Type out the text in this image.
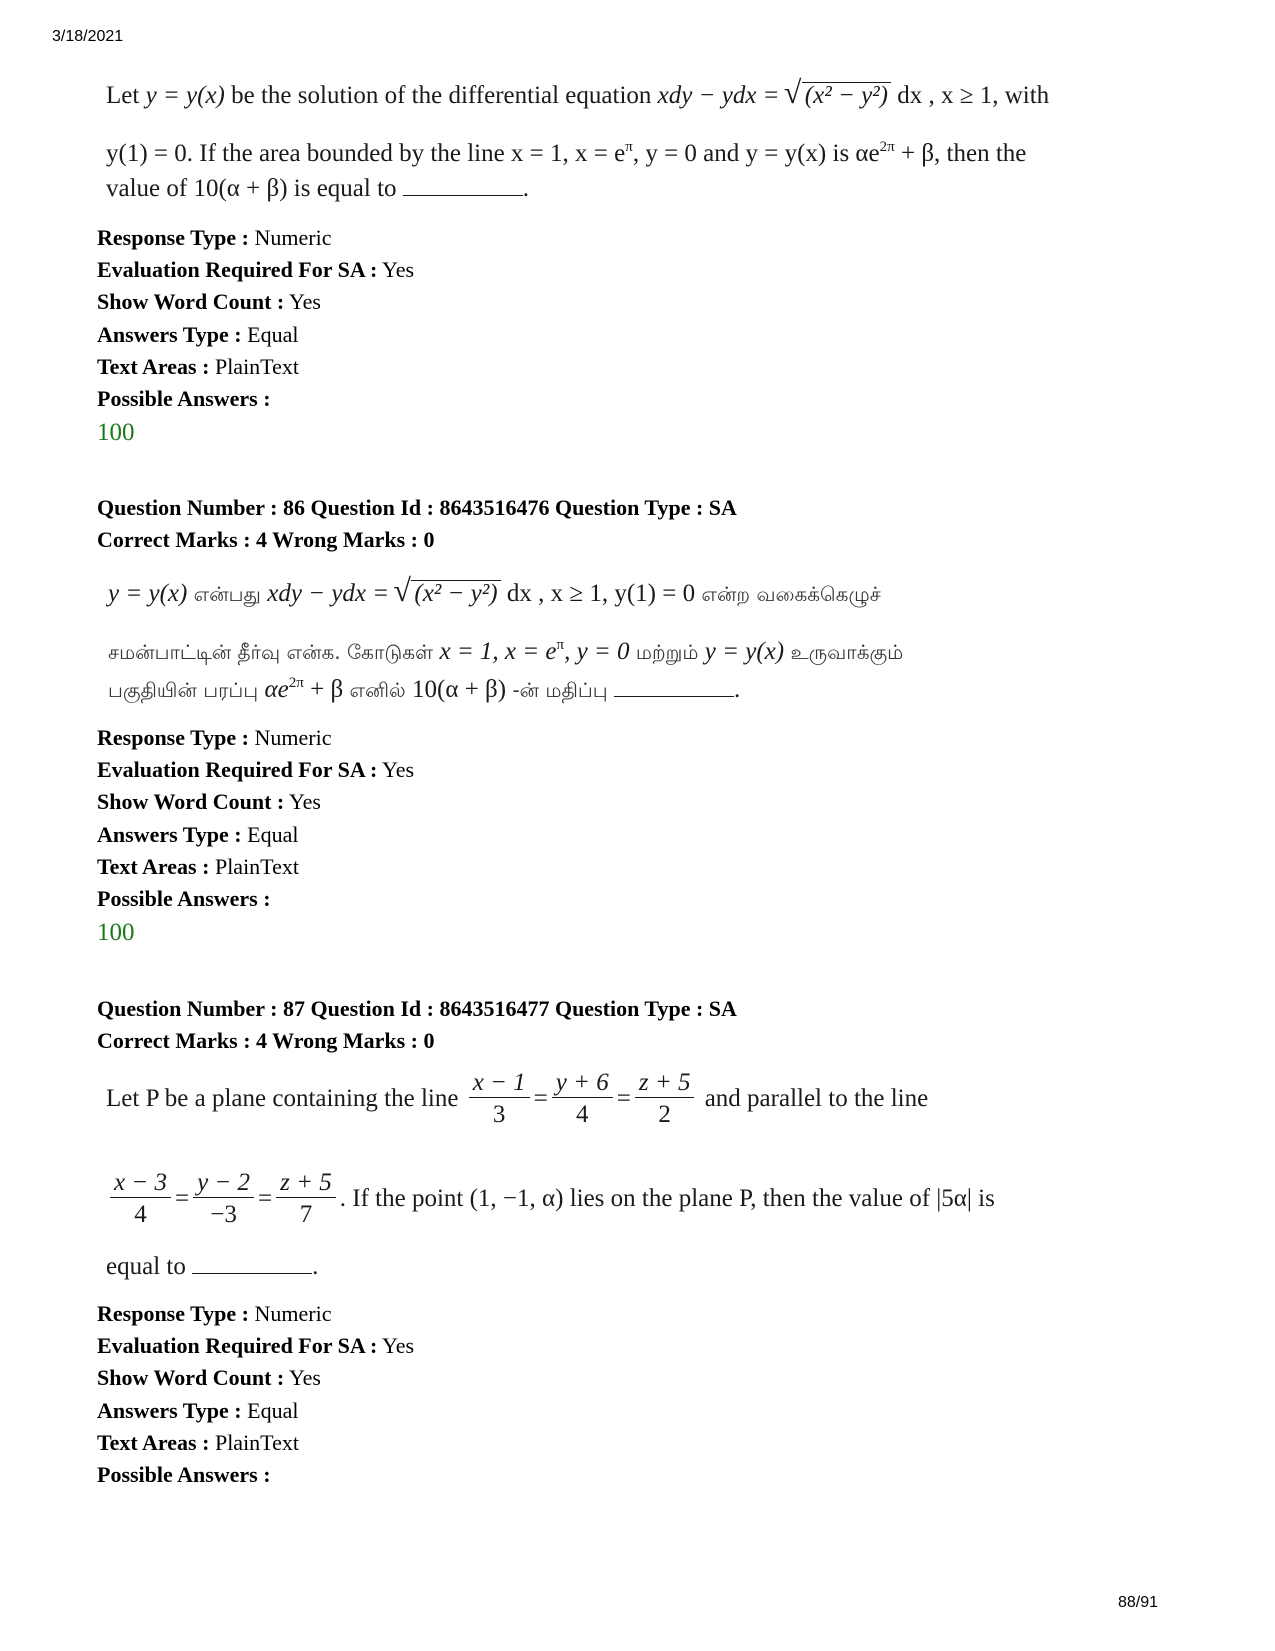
3/18/2021
Let y = y(x) be the solution of the differential equation xdy − ydx = √ (x² − y²) dx , x ≥ 1, with
y(1) = 0. If the area bounded by the line x = 1, $x = e^\pi$, y = 0 and y = y(x) is $\alpha e^{2\pi} + \beta$, then the
value of 10(α + β) is equal to	.
Response Type : Numeric
Evaluation Required For SA : Yes
Show Word Count : Yes
Answers Type : Equal
Text Areas : PlainText
Possible Answers :
100
Question Number : 86 Question Id : 8643516476 Question Type : SA
Correct Marks : 4 Wrong Marks : 0
y = y(x) என்பது xdy − ydx = √ (x² − y²) dx , x ≥ 1, y(1) = 0 என்ற வகைக்கெழுச்
சமன்பாட்டின் தீர்வு என்க. கோடுகள் x = 1, $x = e^\pi$, y = 0 மற்றும் y = y(x) உருவாக்கும்
பகுதியின் பரப்பு $\alpha e^{2\pi} + \beta$ எனில் 10(α + β) -ன் மதிப்பு	.
Response Type : Numeric
Evaluation Required For SA : Yes
Show Word Count : Yes
Answers Type : Equal
Text Areas : PlainText
Possible Answers :
100
Question Number : 87 Question Id : 8643516477 Question Type : SA
Correct Marks : 4 Wrong Marks : 0
Let P be a plane containing the line $\frac{x - 1}{3} = \frac{y + 6}{4} = \frac{z + 5}{2}$ and parallel to the line
$\frac{x - 3}{4} = \frac{y - 2}{-3} = \frac{z + 5}{7}$ . If the point (1, −1, α) lies on the plane P, then the value of |5α| is
equal to	.
Response Type : Numeric
Evaluation Required For SA : Yes
Show Word Count : Yes
Answers Type : Equal
Text Areas : PlainText
Possible Answers :
88/91
